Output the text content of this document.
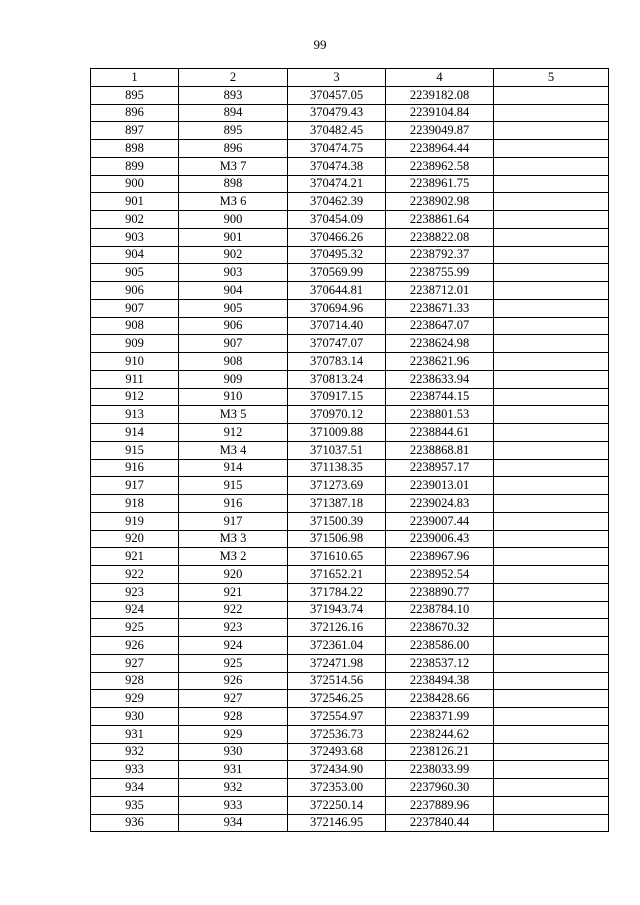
99
1	2	3	4	5
895	893	370457.05	2239182.08	
896	894	370479.43	2239104.84	
897	895	370482.45	2239049.87	
898	896	370474.75	2238964.44	
899	МЗ 7	370474.38	2238962.58	
900	898	370474.21	2238961.75	
901	МЗ 6	370462.39	2238902.98	
902	900	370454.09	2238861.64	
903	901	370466.26	2238822.08	
904	902	370495.32	2238792.37	
905	903	370569.99	2238755.99	
906	904	370644.81	2238712.01	
907	905	370694.96	2238671.33	
908	906	370714.40	2238647.07	
909	907	370747.07	2238624.98	
910	908	370783.14	2238621.96	
911	909	370813.24	2238633.94	
912	910	370917.15	2238744.15	
913	МЗ 5	370970.12	2238801.53	
914	912	371009.88	2238844.61	
915	МЗ 4	371037.51	2238868.81	
916	914	371138.35	2238957.17	
917	915	371273.69	2239013.01	
918	916	371387.18	2239024.83	
919	917	371500.39	2239007.44	
920	МЗ 3	371506.98	2239006.43	
921	МЗ 2	371610.65	2238967.96	
922	920	371652.21	2238952.54	
923	921	371784.22	2238890.77	
924	922	371943.74	2238784.10	
925	923	372126.16	2238670.32	
926	924	372361.04	2238586.00	
927	925	372471.98	2238537.12	
928	926	372514.56	2238494.38	
929	927	372546.25	2238428.66	
930	928	372554.97	2238371.99	
931	929	372536.73	2238244.62	
932	930	372493.68	2238126.21	
933	931	372434.90	2238033.99	
934	932	372353.00	2237960.30	
935	933	372250.14	2237889.96	
936	934	372146.95	2237840.44	
